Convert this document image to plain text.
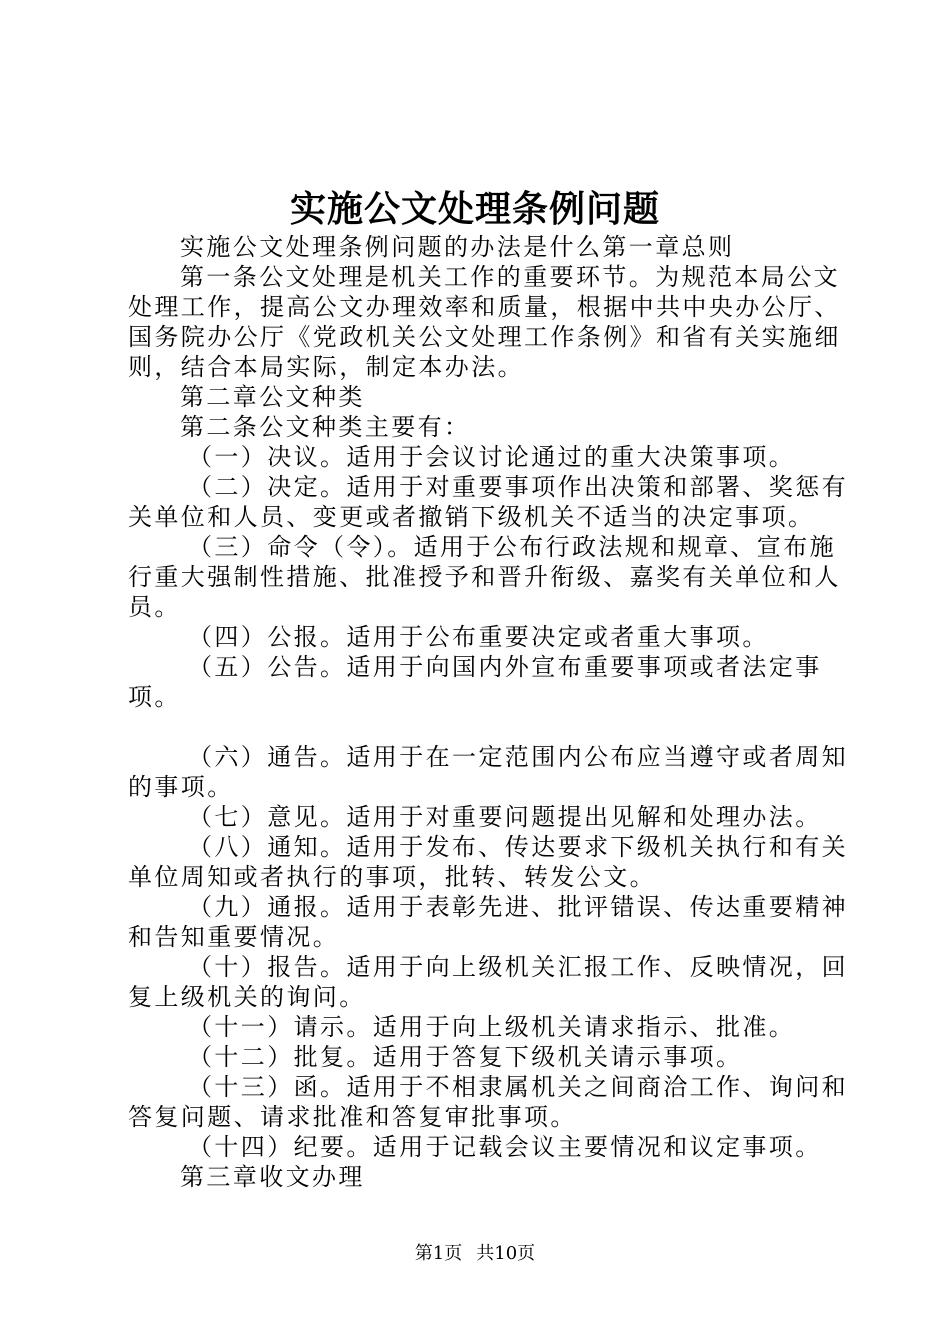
实施公文处理条例问题

实施公文处理条例问题的办法是什么第一章总则

第一条公文处理是机关工作的重要环节。为规范本局公文处理工作，提高公文办理效率和质量，根据中共中央办公厅、国务院办公厅《党政机关公文处理工作条例》和省有关实施细则，结合本局实际，制定本办法。

第二章公文种类

第二条公文种类主要有：

（一）决议。适用于会议讨论通过的重大决策事项。

（二）决定。适用于对重要事项作出决策和部署、奖惩有关单位和人员、变更或者撤销下级机关不适当的决定事项。

（三）命令（令）。适用于公布行政法规和规章、宣布施行重大强制性措施、批准授予和晋升衔级、嘉奖有关单位和人员。

（四）公报。适用于公布重要决定或者重大事项。

（五）公告。适用于向国内外宣布重要事项或者法定事项。

（六）通告。适用于在一定范围内公布应当遵守或者周知的事项。

（七）意见。适用于对重要问题提出见解和处理办法。

（八）通知。适用于发布、传达要求下级机关执行和有关单位周知或者执行的事项，批转、转发公文。

（九）通报。适用于表彰先进、批评错误、传达重要精神和告知重要情况。

（十）报告。适用于向上级机关汇报工作、反映情况，回复上级机关的询问。

（十一）请示。适用于向上级机关请求指示、批准。

（十二）批复。适用于答复下级机关请示事项。

（十三）函。适用于不相隶属机关之间商洽工作、询问和答复问题、请求批准和答复审批事项。

（十四）纪要。适用于记载会议主要情况和议定事项。

第三章收文办理

第1页 共10页
